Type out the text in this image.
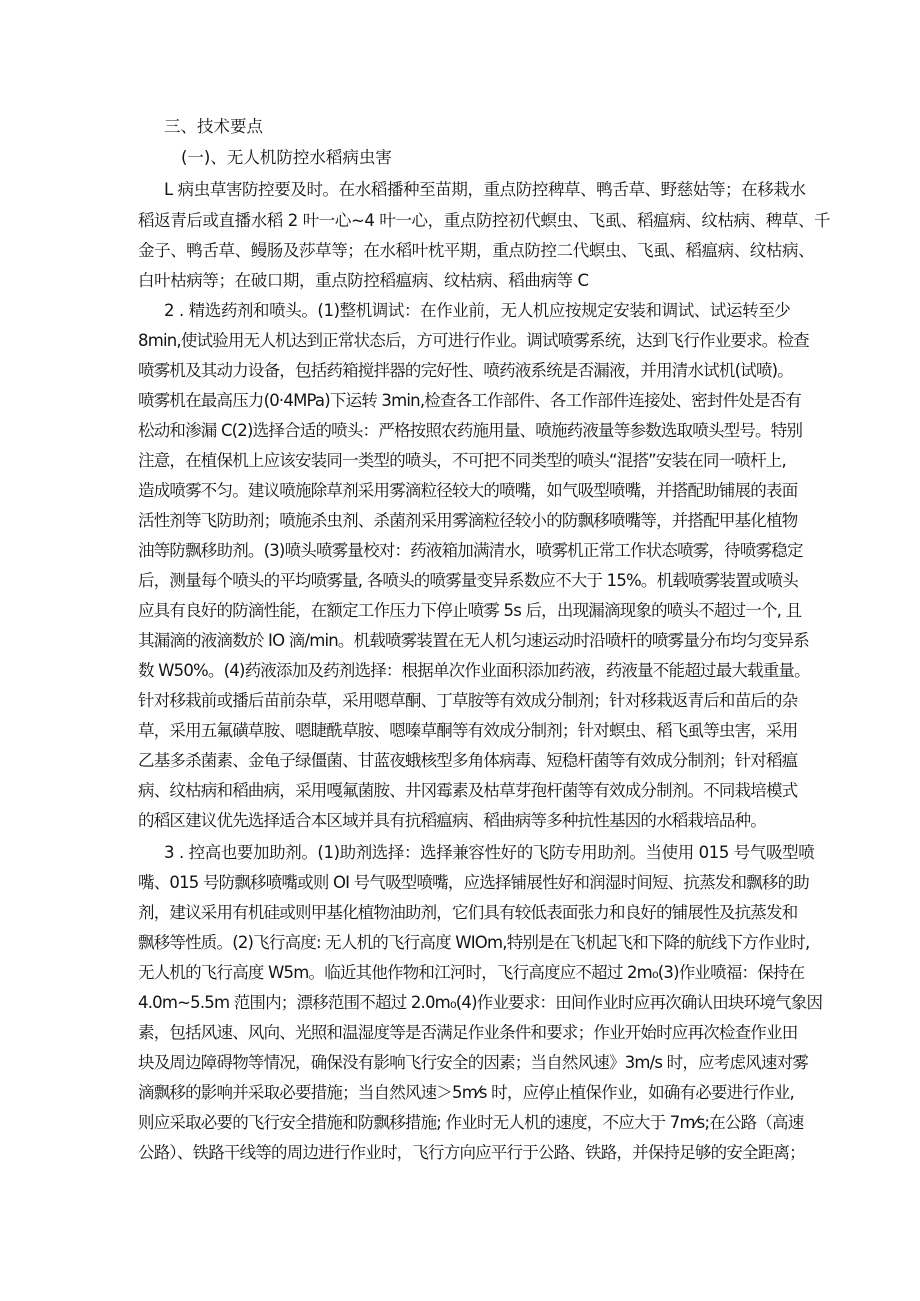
三、技术要点
(一)、无人机防控水稻病虫害
L 病虫草害防控要及时。在水稻播种至苗期，重点防控稗草、鸭舌草、野慈姑等；在移栽水
稻返青后或直播水稻 2 叶一心~4 叶一心，重点防控初代螟虫、飞虱、稻瘟病、纹枯病、稗草、千
金子、鸭舌草、鳗肠及莎草等；在水稻叶枕平期，重点防控二代螟虫、飞虱、稻瘟病、纹枯病、
白叶枯病等；在破口期，重点防控稻瘟病、纹枯病、稻曲病等 C
2 . 精选药剂和喷头。(1)整机调试：在作业前，无人机应按规定安装和调试、试运转至少
8min,使试验用无人机达到正常状态后，方可进行作业。调试喷雾系统，达到飞行作业要求。检查
喷雾机及其动力设备，包括药箱搅拌器的完好性、喷药液系统是否漏液，并用清水试机(试喷)。
喷雾机在最高压力(0·4MPa)下运转 3min,检查各工作部件、各工作部件连接处、密封件处是否有
松动和渗漏 C(2)选择合适的喷头：严格按照农药施用量、喷施药液量等参数选取喷头型号。特别
注意，在植保机上应该安装同一类型的喷头，不可把不同类型的喷头“混搭”安装在同一喷杆上,
造成喷雾不匀。建议喷施除草剂采用雾滴粒径较大的喷嘴，如气吸型喷嘴，并搭配助铺展的表面
活性剂等飞防助剂；喷施杀虫剂、杀菌剂采用雾滴粒径较小的防飘移喷嘴等，并搭配甲基化植物
油等防飘移助剂。(3)喷头喷雾量校对：药液箱加满清水，喷雾机正常工作状态喷雾，待喷雾稳定
后，测量每个喷头的平均喷雾量, 各喷头的喷雾量变异系数应不大于 15%。机载喷雾装置或喷头
应具有良好的防滴性能，在额定工作压力下停止喷雾 5s 后，出现漏滴现象的喷头不超过一个, 且
其漏滴的液滴数於 IO 滴/min。机载喷雾装置在无人机匀速运动时沿喷杆的喷雾量分布均匀变异系
数 W50%。(4)药液添加及药剂选择：根据单次作业面积添加药液，药液量不能超过最大载重量。
针对移栽前或播后苗前杂草，采用嗯草酮、丁草胺等有效成分制剂；针对移栽返青后和苗后的杂
草，采用五氟磺草胺、嗯睫酰草胺、嗯嗪草酮等有效成分制剂；针对螟虫、稻飞虱等虫害，采用
乙基多杀菌素、金龟子绿僵菌、甘蓝夜蛾核型多角体病毒、短稳杆菌等有效成分制剂；针对稻瘟
病、纹枯病和稻曲病，采用嘎氟菌胺、井冈霉素及枯草芽孢杆菌等有效成分制剂。不同栽培模式
的稻区建议优先选择适合本区域并具有抗稻瘟病、稻曲病等多种抗性基因的水稻栽培品种。
3 . 控高也要加助剂。(1)助剂选择：选择兼容性好的飞防专用助剂。当使用 015 号气吸型喷
嘴、015 号防飘移喷嘴或则 OI 号气吸型喷嘴，应选择铺展性好和润湿时间短、抗蒸发和飘移的助
剂，建议采用有机硅或则甲基化植物油助剂，它们具有较低表面张力和良好的铺展性及抗蒸发和
飘移等性质。(2)飞行高度: 无人机的飞行高度 WIOm,特别是在飞机起飞和下降的航线下方作业时,
无人机的飞行高度 W5m。临近其他作物和江河时，飞行高度应不超过 2m₀(3)作业喷福：保持在
4.0m~5.5m 范围内；漂移范围不超过 2.0m₀(4)作业要求：田间作业时应再次确认田块环境气象因
素，包括风速、风向、光照和温湿度等是否满足作业条件和要求；作业开始时应再次检查作业田
块及周边障碍物等情况，确保没有影响飞行安全的因素；当自然风速》3m/s 时，应考虑风速对雾
滴飘移的影响并采取必要措施；当自然风速＞5m⁄s 时，应停止植保作业，如确有必要进行作业,
则应采取必要的飞行安全措施和防飘移措施; 作业时无人机的速度，不应大于 7m⁄s;在公路（高速
公路）、铁路干线等的周边进行作业时，飞行方向应平行于公路、铁路，并保持足够的安全距离；
